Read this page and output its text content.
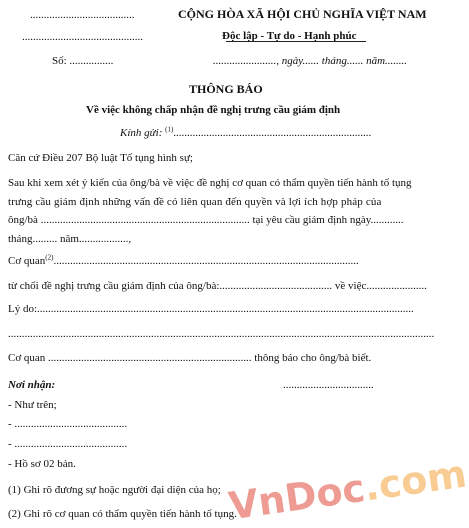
......................................
............................................
Số: ................
CỘNG HÒA XÃ HỘI CHỦ NGHĨA VIỆT NAM
Độc lập - Tự do - Hạnh phúc
......................., ngày...... tháng...... năm........
THÔNG BÁO
Về việc không chấp nhận đề nghị trưng cầu giám định
Kính gửi: $^{(1)}$........................................................................
Căn cứ Điều 207 Bộ luật Tố tụng hình sự;
Sau khi xem xét ý kiến của ông/bà về việc đề nghị cơ quan có thẩm quyền tiến hành tố tụng
trưng cầu giám định những vấn đề có liên quan đến quyền và lợi ích hợp pháp của
ông/bà ............................................................................ tại yêu cầu giám định ngày............
tháng......... năm..................,
Cơ quan$^{(2)}$...............................................................................................................
từ chối đề nghị trưng cầu giám định của ông/bà:......................................... về việc......................
Lý do:.........................................................................................................................................
...........................................................................................................................................................
Cơ quan .......................................................................... thông báo cho ông/bà biết.
Nơi nhận:	.................................
- Như trên;
- .........................................
- .........................................
- Hồ sơ 02 bản.
(1) Ghi rõ đương sự hoặc người đại diện của họ;
(2) Ghi rõ cơ quan có thẩm quyền tiến hành tố tụng.
VnDoc.com
